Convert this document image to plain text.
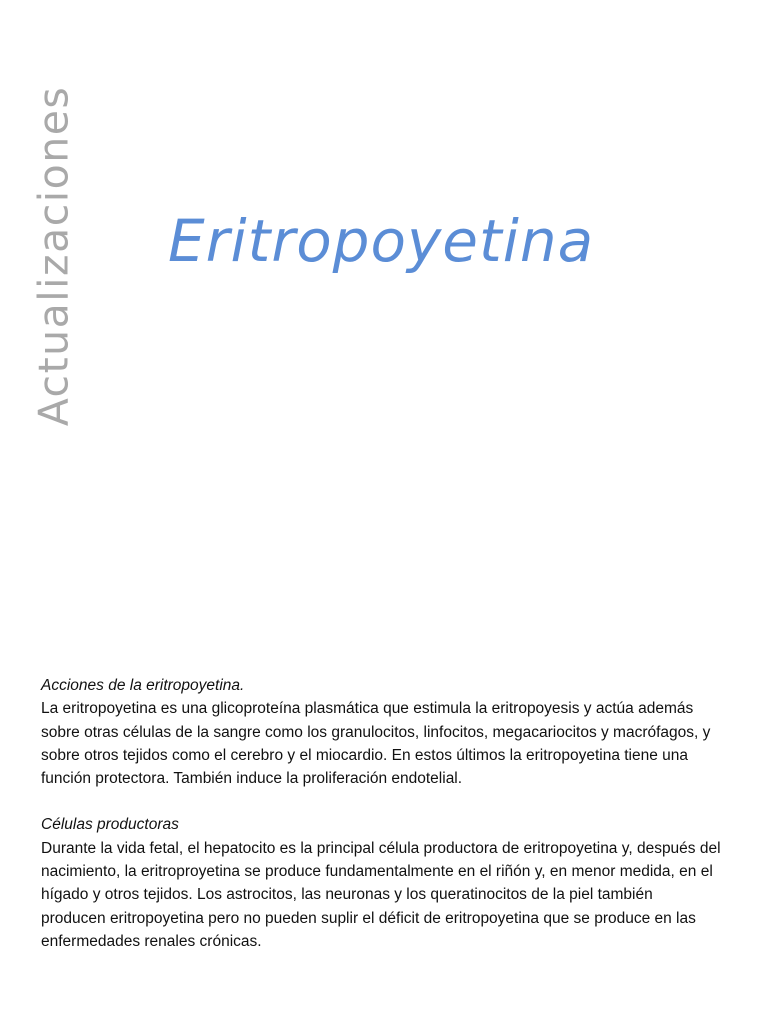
Actualizaciones Eritropoyetina

Acciones de la eritropoyetina.

La eritropoyetina es una glicoproteína plasmática que estimula la eritropoyesis y actúa además sobre otras células de la sangre como los granulocitos, linfocitos, megacariocitos y macrófagos, y sobre otros tejidos como el cerebro y el miocardio. En estos últimos la eritropoyetina tiene una función protectora. También induce la proliferación endotelial.

Células productoras

Durante la vida fetal, el hepatocito es la principal célula productora de eritropoyetina y, después del nacimiento, la eritroproyetina se produce fundamentalmente en el riñón y, en menor medida, en el hígado y otros tejidos. Los astrocitos, las neuronas y los queratinocitos de la piel también producen eritropoyetina pero no pueden suplir el déficit de eritropoyetina que se produce en las enfermedades renales crónicas.
